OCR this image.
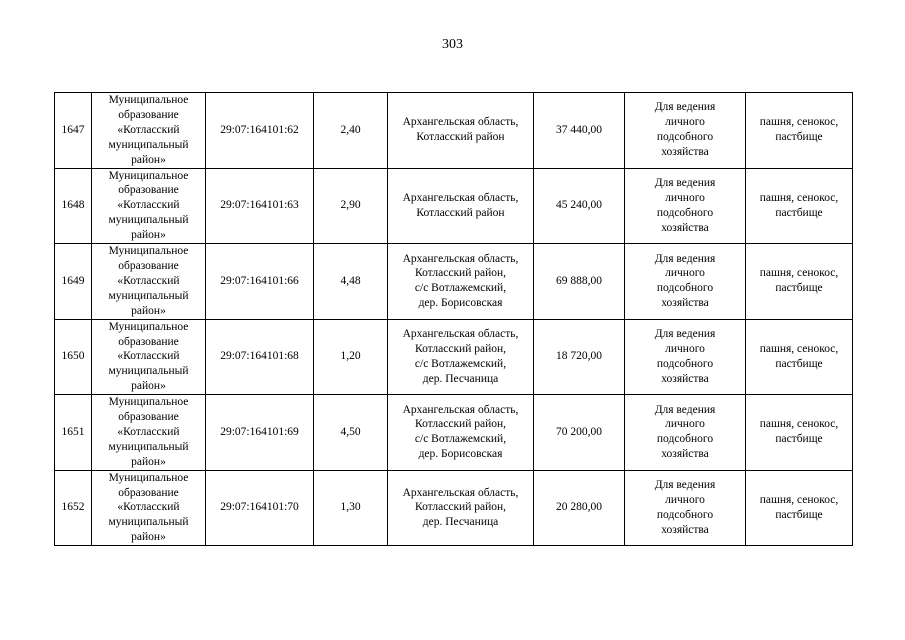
303
1647	Муниципальное
образование
«Котласский
муниципальный
район»	29:07:164101:62	2,40	Архангельская область,
Котласский район	37 440,00	Для ведения
личного
подсобного
хозяйства	пашня, сенокос,
пастбище
1648	Муниципальное
образование
«Котласский
муниципальный
район»	29:07:164101:63	2,90	Архангельская область,
Котласский район	45 240,00	Для ведения
личного
подсобного
хозяйства	пашня, сенокос,
пастбище
1649	Муниципальное
образование
«Котласский
муниципальный
район»	29:07:164101:66	4,48	Архангельская область,
Котласский район,
с/с Вотлажемский,
дер. Борисовская	69 888,00	Для ведения
личного
подсобного
хозяйства	пашня, сенокос,
пастбище
1650	Муниципальное
образование
«Котласский
муниципальный
район»	29:07:164101:68	1,20	Архангельская область,
Котласский район,
с/с Вотлажемский,
дер. Песчаница	18 720,00	Для ведения
личного
подсобного
хозяйства	пашня, сенокос,
пастбище
1651	Муниципальное
образование
«Котласский
муниципальный
район»	29:07:164101:69	4,50	Архангельская область,
Котласский район,
с/с Вотлажемский,
дер. Борисовская	70 200,00	Для ведения
личного
подсобного
хозяйства	пашня, сенокос,
пастбище
1652	Муниципальное
образование
«Котласский
муниципальный
район»	29:07:164101:70	1,30	Архангельская область,
Котласский район,
дер. Песчаница	20 280,00	Для ведения
личного
подсобного
хозяйства	пашня, сенокос,
пастбище
